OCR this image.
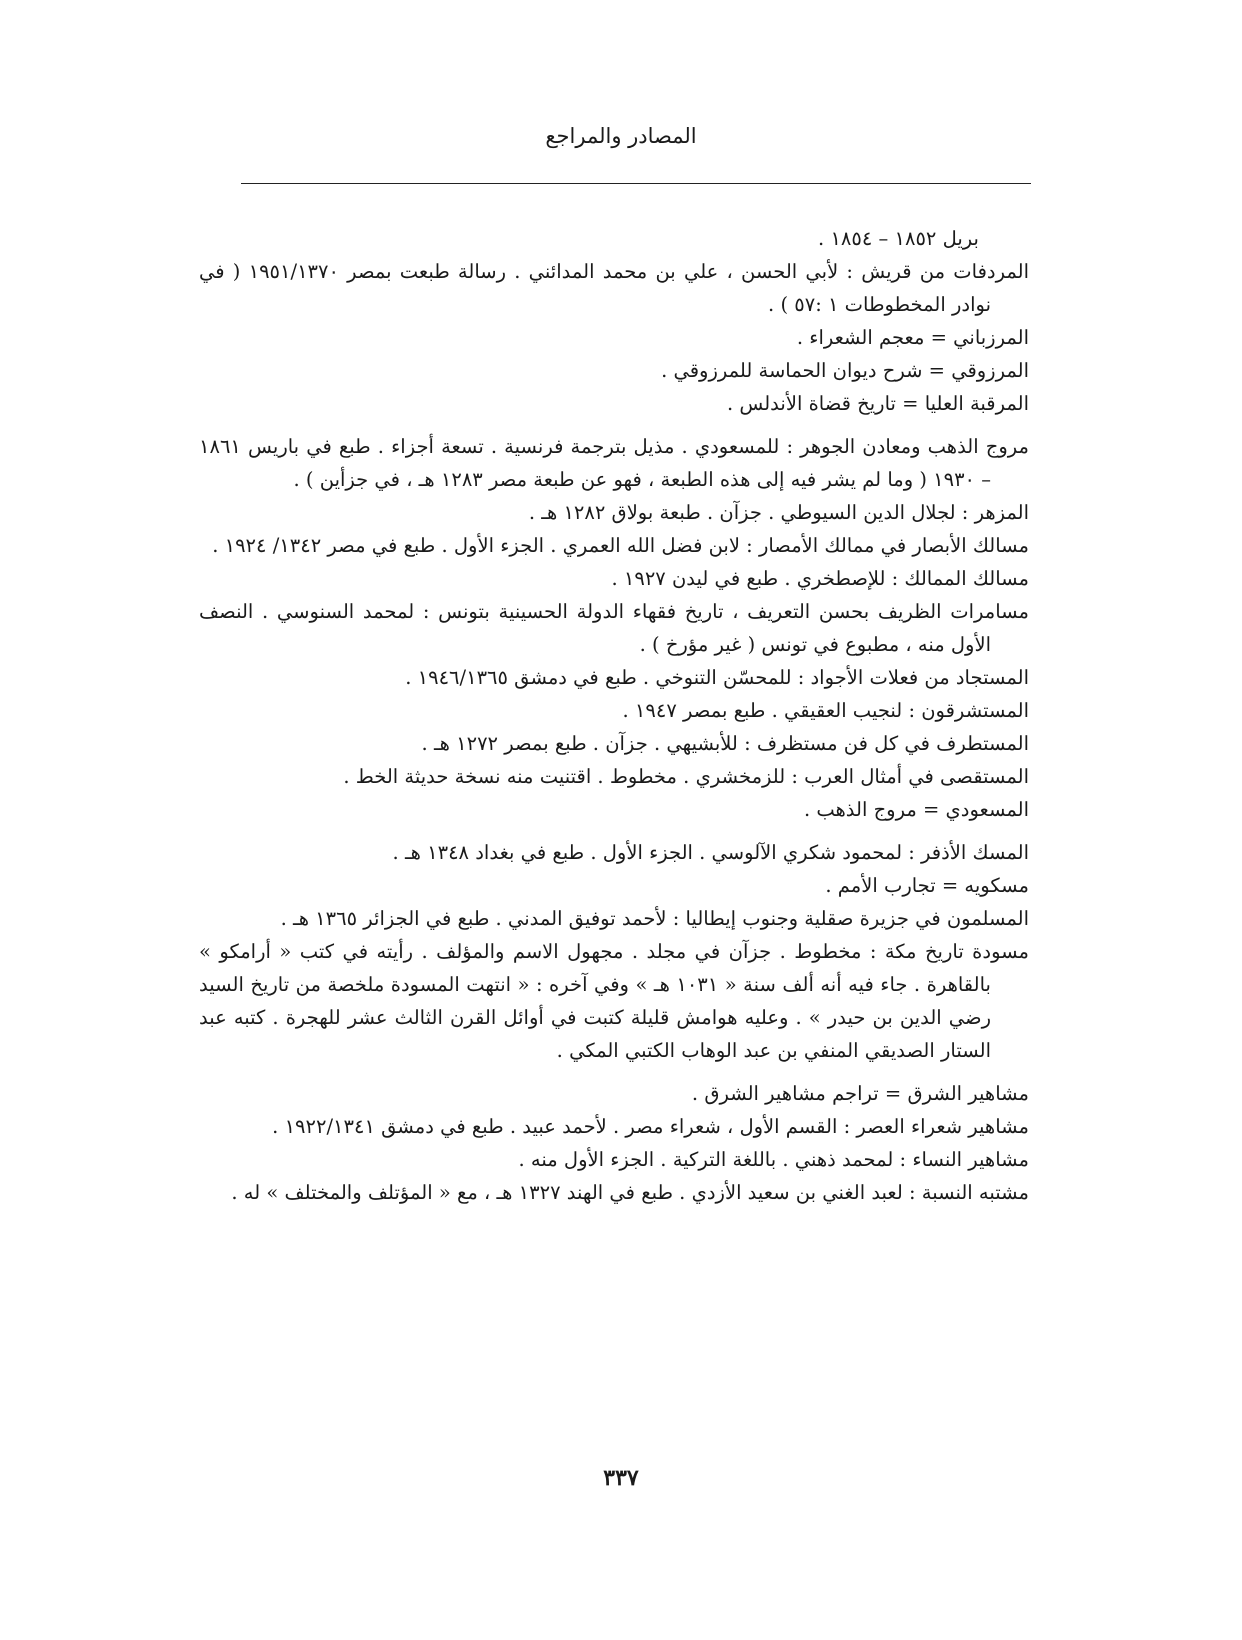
المصادر والمراجع

بريل ١٨٥٢ – ١٨٥٤ .

المردفات من قريش : لأبي الحسن ، علي بن محمد المدائني . رسالة طبعت بمصر ١٩٥١/١٣٧٠ ( في نوادر المخطوطات ١ :٥٧ ) .

المرزباني = معجم الشعراء .

المرزوقي = شرح ديوان الحماسة للمرزوقي .

المرقبة العليا = تاريخ قضاة الأندلس .

مروج الذهب ومعادن الجوهر : للمسعودي . مذيل بترجمة فرنسية . تسعة أجزاء . طبع في باريس ١٨٦١ – ١٩٣٠ ( وما لم يشر فيه إلى هذه الطبعة ، فهو عن طبعة مصر ١٢٨٣ هـ ، في جزأين ) .

المزهر : لجلال الدين السيوطي . جزآن . طبعة بولاق ١٢٨٢ هـ .

مسالك الأبصار في ممالك الأمصار : لابن فضل الله العمري . الجزء الأول . طبع في مصر ١٣٤٢/ ١٩٢٤ .

مسالك الممالك : للإصطخري . طبع في ليدن ١٩٢٧ .

مسامرات الظريف بحسن التعريف ، تاريخ فقهاء الدولة الحسينية بتونس : لمحمد السنوسي . النصف الأول منه ، مطبوع في تونس ( غير مؤرخ ) .

المستجاد من فعلات الأجواد : للمحسّن التنوخي . طبع في دمشق ١٩٤٦/١٣٦٥ .

المستشرقون : لنجيب العقيقي . طبع بمصر ١٩٤٧ .

المستطرف في كل فن مستظرف : للأبشيهي . جزآن . طبع بمصر ١٢٧٢ هـ .

المستقصى في أمثال العرب : للزمخشري . مخطوط . اقتنيت منه نسخة حديثة الخط .

المسعودي = مروج الذهب .

المسك الأذفر : لمحمود شكري الآلوسي . الجزء الأول . طبع في بغداد ١٣٤٨ هـ .

مسكويه = تجارب الأمم .

المسلمون في جزيرة صقلية وجنوب إيطاليا : لأحمد توفيق المدني . طبع في الجزائر ١٣٦٥ هـ .

مسودة تاريخ مكة : مخطوط . جزآن في مجلد . مجهول الاسم والمؤلف . رأيته في كتب « أرامكو » بالقاهرة . جاء فيه أنه ألف سنة « ١٠٣١ هـ » وفي آخره : « انتهت المسودة ملخصة من تاريخ السيد رضي الدين بن حيدر » . وعليه هوامش قليلة كتبت في أوائل القرن الثالث عشر للهجرة . كتبه عبد الستار الصديقي المنفي بن عبد الوهاب الكتبي المكي .

مشاهير الشرق = تراجم مشاهير الشرق .

مشاهير شعراء العصر : القسم الأول ، شعراء مصر . لأحمد عبيد . طبع في دمشق ١٩٢٢/١٣٤١ .

مشاهير النساء : لمحمد ذهني . باللغة التركية . الجزء الأول منه .

مشتبه النسبة : لعبد الغني بن سعيد الأزدي . طبع في الهند ١٣٢٧ هـ ، مع « المؤتلف والمختلف » له .

٣٣٧
